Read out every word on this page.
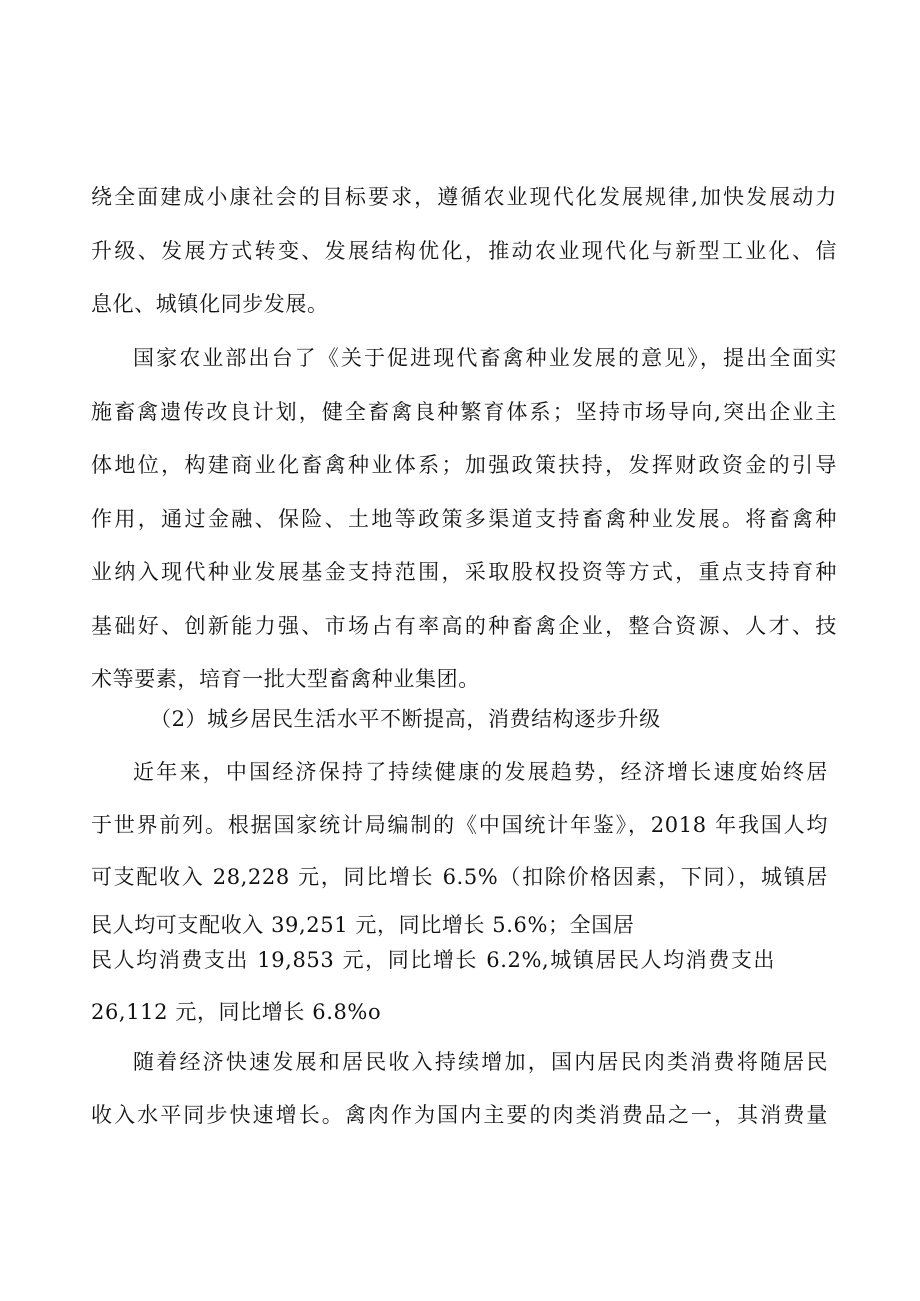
绕全面建成小康社会的目标要求，遵循农业现代化发展规律,加快发展动力
升级、发展方式转变、发展结构优化，推动农业现代化与新型工业化、信
息化、城镇化同步发展。
国家农业部出台了《关于促进现代畜禽种业发展的意见》，提出全面实
施畜禽遗传改良计划，健全畜禽良种繁育体系；坚持市场导向,突出企业主
体地位，构建商业化畜禽种业体系；加强政策扶持，发挥财政资金的引导
作用，通过金融、保险、土地等政策多渠道支持畜禽种业发展。将畜禽种
业纳入现代种业发展基金支持范围，采取股权投资等方式，重点支持育种
基础好、创新能力强、市场占有率高的种畜禽企业，整合资源、人才、技
术等要素，培育一批大型畜禽种业集团。
（2）城乡居民生活水平不断提高，消费结构逐步升级
近年来，中国经济保持了持续健康的发展趋势，经济增长速度始终居
于世界前列。根据国家统计局编制的《中国统计年鉴》，2018 年我国人均
可支配收入 28,228 元，同比增长 6.5%（扣除价格因素，下同），城镇居
民人均可支配收入 39,251 元，同比增长 5.6%；全国居
民人均消费支出 19,853 元，同比增长 6.2%,城镇居民人均消费支出
26,112 元，同比增长 6.8%o
随着经济快速发展和居民收入持续增加，国内居民肉类消费将随居民
收入水平同步快速增长。禽肉作为国内主要的肉类消费品之一，其消费量
